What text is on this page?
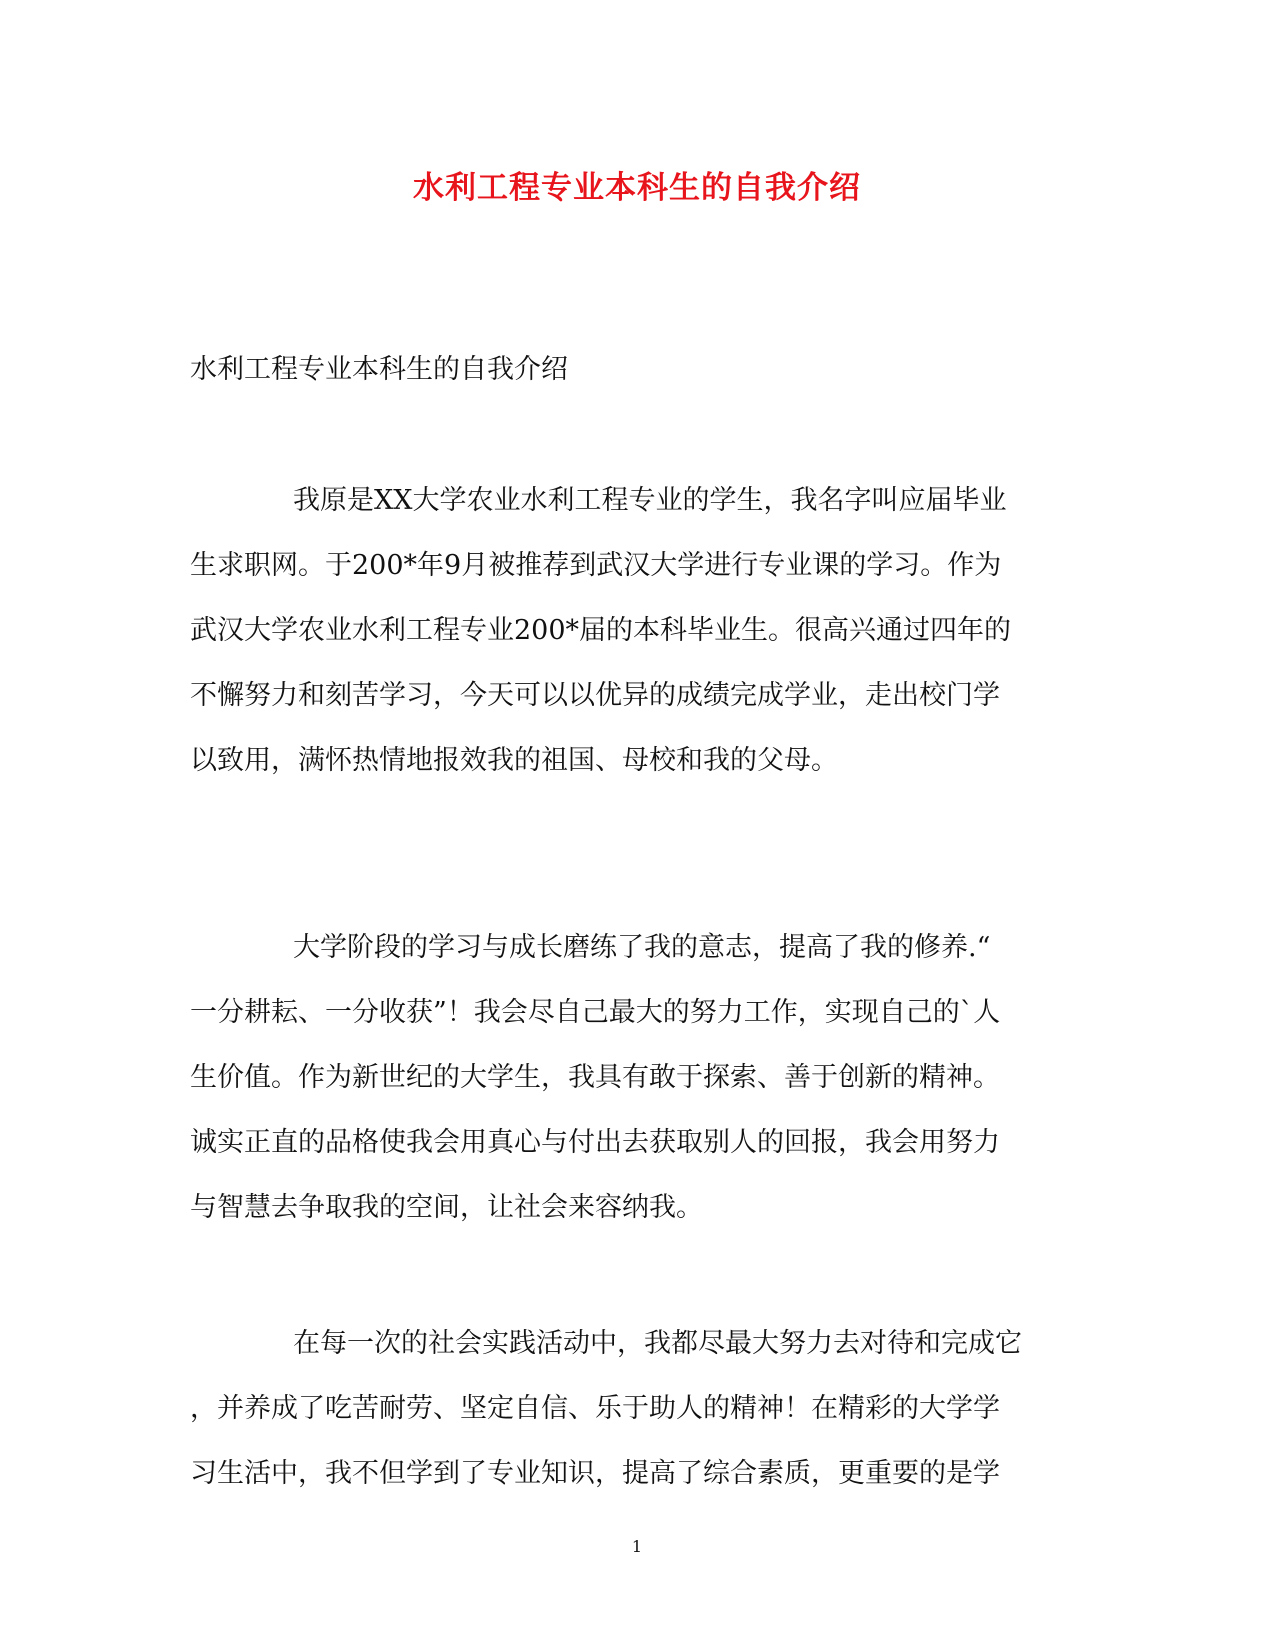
水利工程专业本科生的自我介绍
水利工程专业本科生的自我介绍
我原是XX大学农业水利工程专业的学生，我名字叫应届毕业
生求职网。于200*年9月被推荐到武汉大学进行专业课的学习。作为
武汉大学农业水利工程专业200*届的本科毕业生。很高兴通过四年的
不懈努力和刻苦学习，今天可以以优异的成绩完成学业，走出校门学
以致用，满怀热情地报效我的祖国、母校和我的父母。
大学阶段的学习与成长磨练了我的意志，提高了我的修养.“
一分耕耘、一分收获”！我会尽自己最大的努力工作，实现自己的`人
生价值。作为新世纪的大学生，我具有敢于探索、善于创新的精神。
诚实正直的品格使我会用真心与付出去获取别人的回报，我会用努力
与智慧去争取我的空间，让社会来容纳我。
在每一次的社会实践活动中，我都尽最大努力去对待和完成它
，并养成了吃苦耐劳、坚定自信、乐于助人的精神！在精彩的大学学
习生活中，我不但学到了专业知识，提高了综合素质，更重要的是学
1
